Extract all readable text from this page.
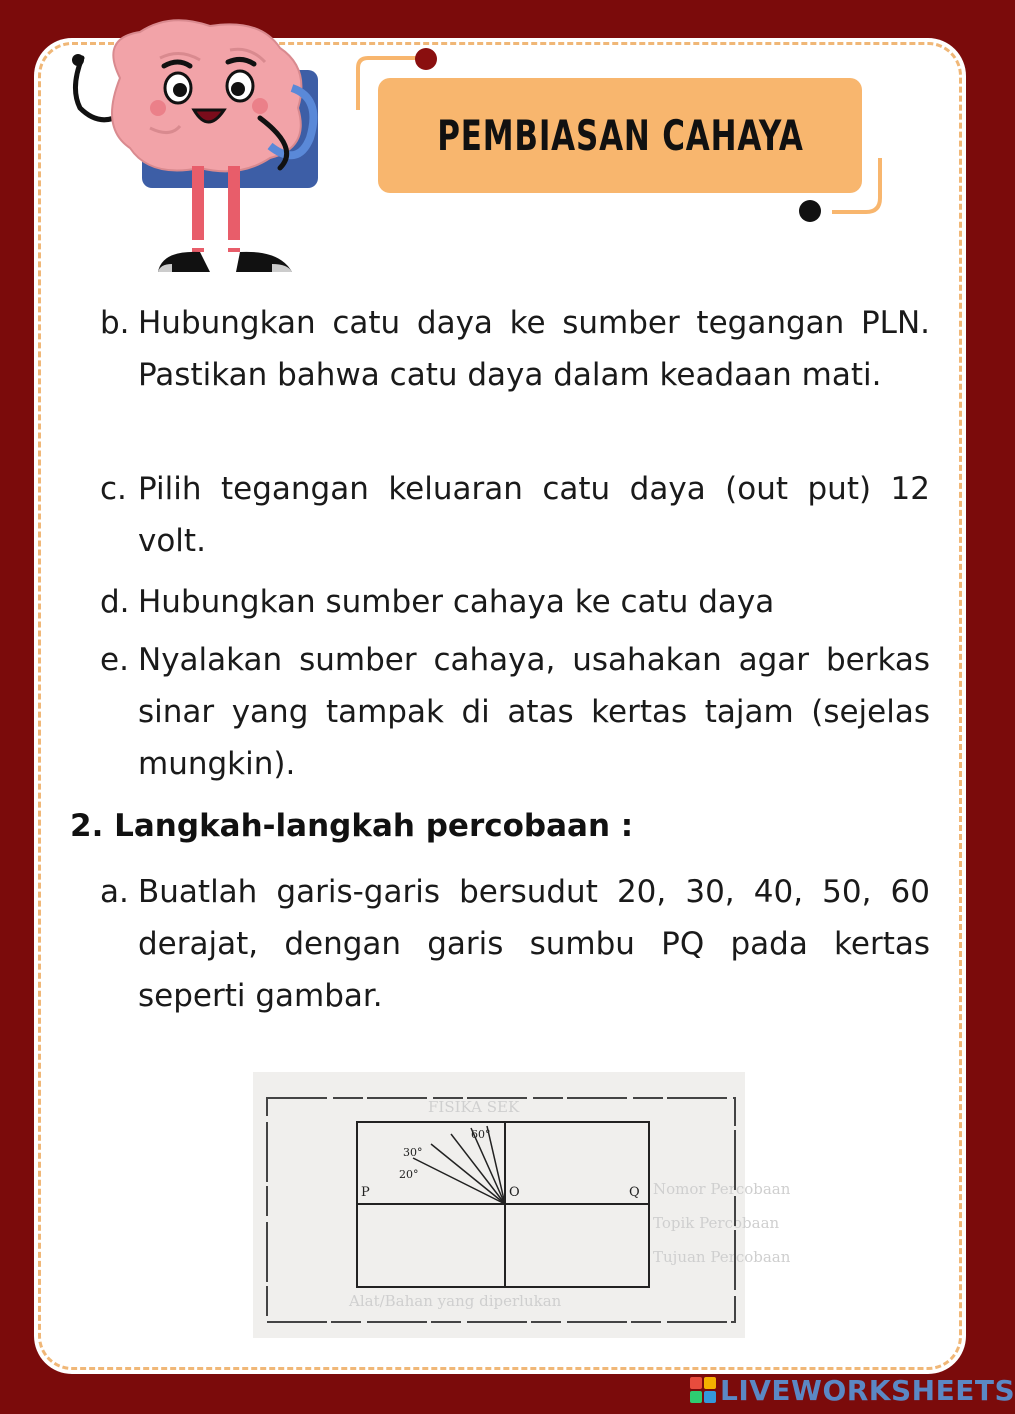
PEMBIASAN CAHAYA
b. Hubungkan catu daya ke sumber tegangan PLN. Pastikan bahwa catu daya dalam keadaan mati.
c. Pilih tegangan keluaran catu daya (out put) 12 volt.
d. Hubungkan sumber cahaya ke catu daya
e. Nyalakan sumber cahaya, usahakan agar berkas sinar yang tampak di atas kertas tajam (sejelas mungkin).
2. Langkah-langkah percobaan :
a. Buatlah garis-garis bersudut 20, 30, 40, 50, 60 derajat, dengan garis sumbu PQ pada kertas seperti gambar.
FISIKA SEK
Nomor Percobaan
Topik Percobaan
Tujuan Percobaan
Alat/Bahan yang diperlukan
P	O	Q
60°
30°
20°
LIVEWORKSHEETS
